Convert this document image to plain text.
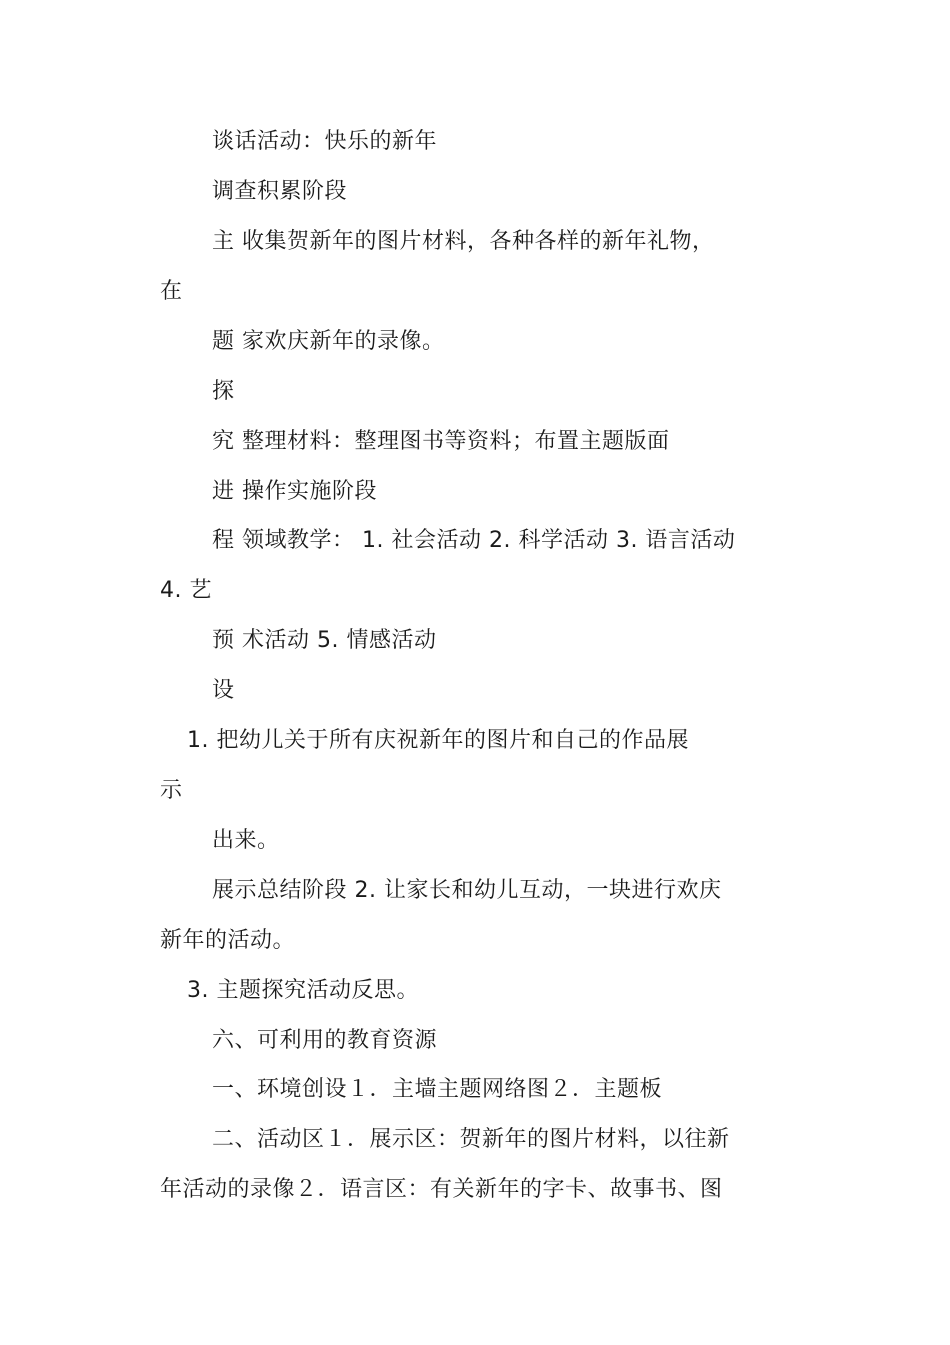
谈话活动：快乐的新年
调查积累阶段
主 收集贺新年的图片材料，各种各样的新年礼物，
在
题 家欢庆新年的录像。
探
究 整理材料：整理图书等资料；布置主题版面
进 操作实施阶段
程 领域教学： 1. 社会活动 2. 科学活动 3. 语言活动
4. 艺
预 术活动 5. 情感活动
设
1. 把幼儿关于所有庆祝新年的图片和自己的作品展
示
出来。
展示总结阶段 2. 让家长和幼儿互动，一块进行欢庆
新年的活动。
3. 主题探究活动反思。
六、可利用的教育资源
一、环境创设１．主墙主题网络图２．主题板
二、活动区１．展示区：贺新年的图片材料，以往新
年活动的录像２．语言区：有关新年的字卡、故事书、图
